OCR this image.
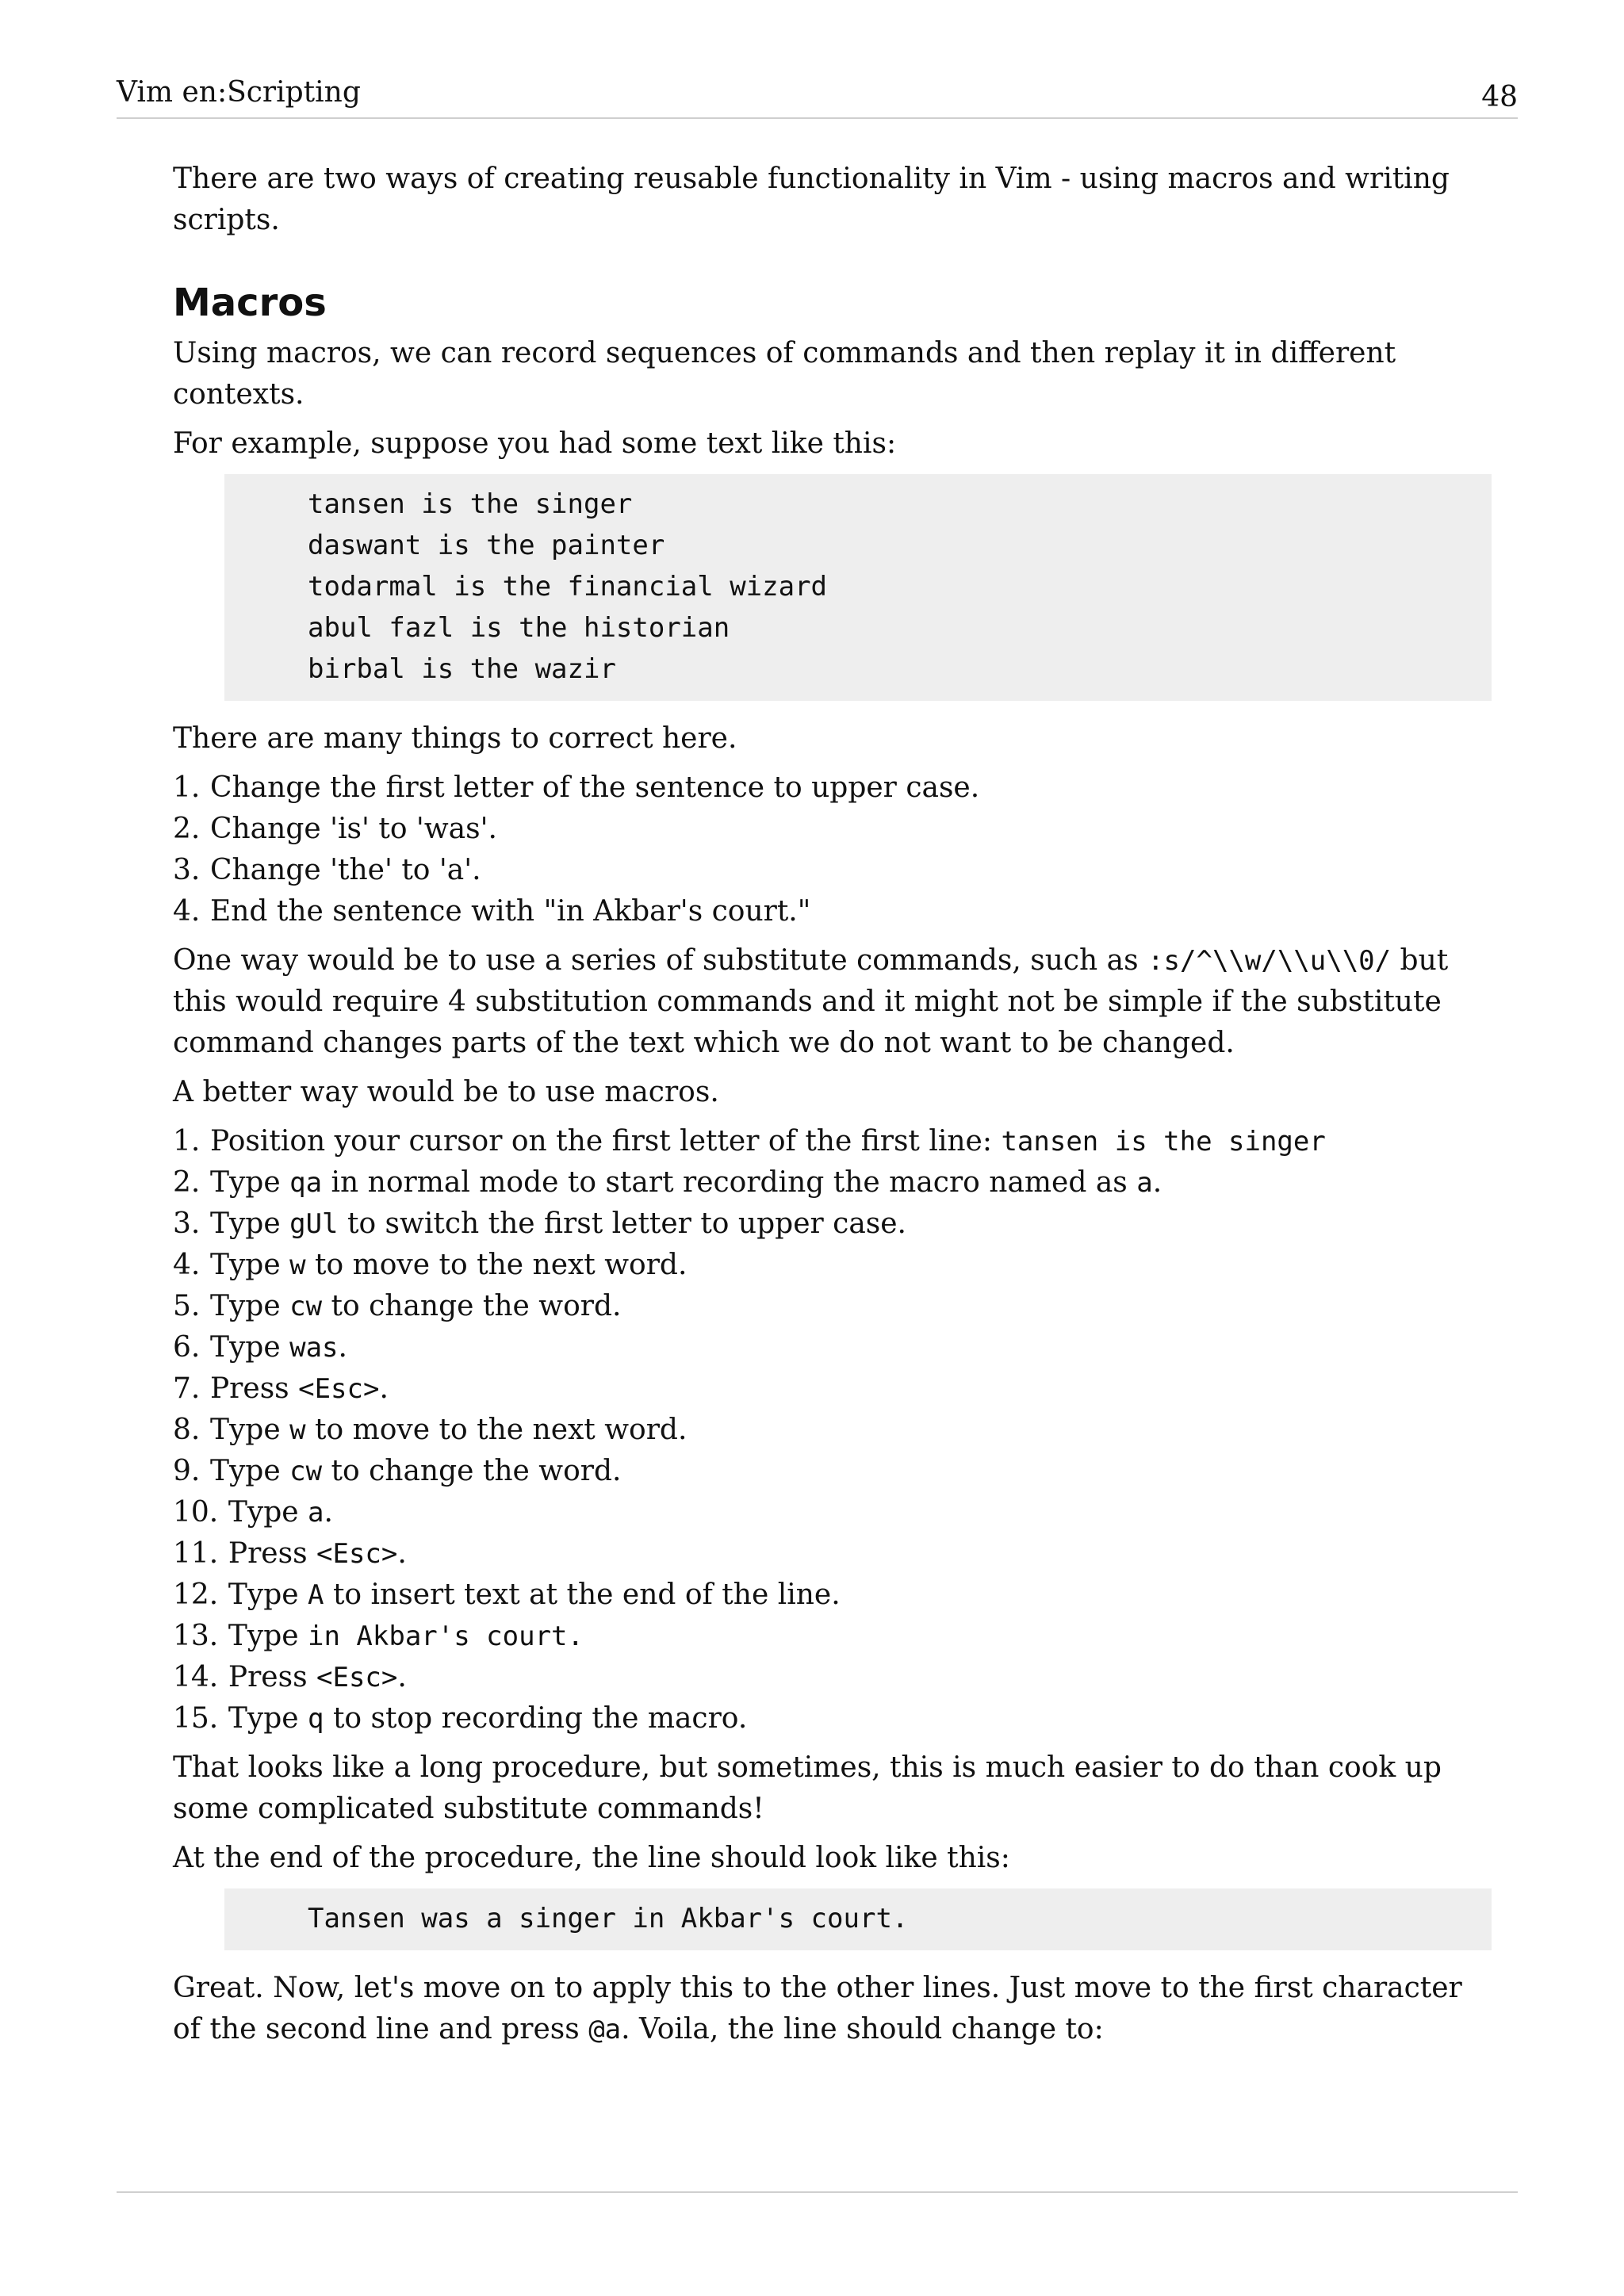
Vim en:Scripting	48

There are two ways of creating reusable functionality in Vim - using macros and writing scripts.

Macros

Using macros, we can record sequences of commands and then replay it in different contexts.

For example, suppose you had some text like this:

tansen is the singer
daswant is the painter
todarmal is the financial wizard
abul fazl is the historian
birbal is the wazir

There are many things to correct here.

1. Change the first letter of the sentence to upper case.
2. Change 'is' to 'was'.
3. Change 'the' to 'a'.
4. End the sentence with "in Akbar's court."

One way would be to use a series of substitute commands, such as :s/^\\w/\\u\\0/ but this would require 4 substitution commands and it might not be simple if the substitute command changes parts of the text which we do not want to be changed.

A better way would be to use macros.

1. Position your cursor on the first letter of the first line: tansen is the singer
2. Type qa in normal mode to start recording the macro named as a.
3. Type gUl to switch the first letter to upper case.
4. Type w to move to the next word.
5. Type cw to change the word.
6. Type was.
7. Press <Esc>.
8. Type w to move to the next word.
9. Type cw to change the word.
10. Type a.
11. Press <Esc>.
12. Type A to insert text at the end of the line.
13. Type in Akbar's court.
14. Press <Esc>.
15. Type q to stop recording the macro.

That looks like a long procedure, but sometimes, this is much easier to do than cook up some complicated substitute commands!

At the end of the procedure, the line should look like this:

Tansen was a singer in Akbar's court.

Great. Now, let's move on to apply this to the other lines. Just move to the first character of the second line and press @a. Voila, the line should change to:
